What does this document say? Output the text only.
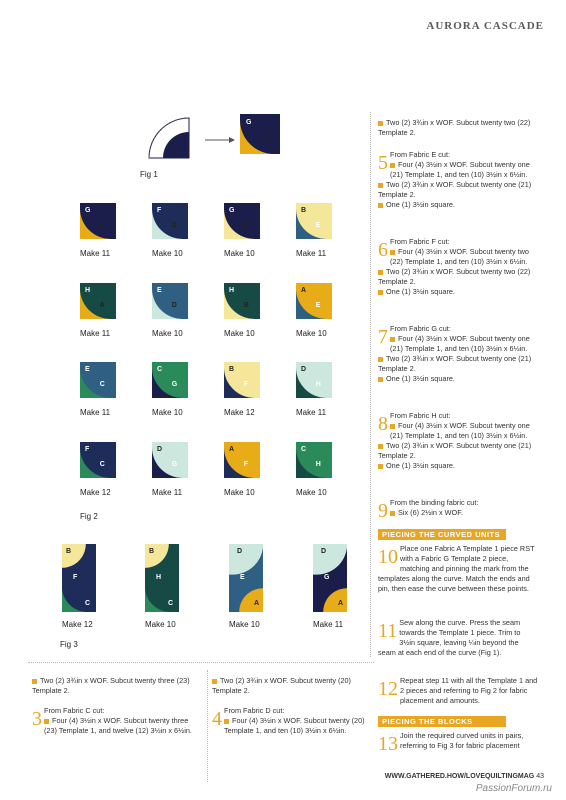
AURORA CASCADE
G
A
Fig 1
G
A
Make 11
F
D
Make 10
G
B
Make 10
B
E
Make 11
H
A
Make 11
E
D
Make 10
H
B
Make 10
A
E
Make 10
E
C
Make 11
C
G
Make 10
B
F
Make 12
D
H
Make 11
F
C
Make 12
D
G
Make 11
A
F
Make 10
C
H
Make 10
Fig 2
B
F
C
Make 12
B
H
C
Make 10
D
E
A
Make 10
D
G
A
Make 11
Fig 3
Two (2) 3¾in x WOF. Subcut twenty two (22) Template 2.
5 From Fabric E cut:
Four (4) 3½in x WOF. Subcut twenty one (21) Template 1, and ten (10) 3½in x 6½in.
Two (2) 3¾in x WOF. Subcut twenty one (21) Template 2.
One (1) 3½in square.
6 From Fabric F cut:
Four (4) 3½in x WOF. Subcut twenty two (22) Template 1, and ten (10) 3½in x 6½in.
Two (2) 3¾in x WOF. Subcut twenty two (22) Template 2.
One (1) 3½in square.
7 From Fabric G cut:
Four (4) 3½in x WOF. Subcut twenty one (21) Template 1, and ten (10) 3½in x 6½in.
Two (2) 3¾in x WOF. Subcut twenty one (21) Template 2.
One (1) 3½in square.
8 From Fabric H cut:
Four (4) 3½in x WOF. Subcut twenty one (21) Template 1, and ten (10) 3½in x 6½in.
Two (2) 3¾in x WOF. Subcut twenty one (21) Template 2.
One (1) 3½in square.
9 From the binding fabric cut:
Six (6) 2½in x WOF.
PIECING THE CURVED UNITS
10 Place one Fabric A Template 1 piece RST with a Fabric G Template 2 piece, matching and pinning the mark from the templates along the curve. Match the ends and pin, then ease the curve between these points.
11 Sew along the curve. Press the seam towards the Template 1 piece. Trim to 3½in square, leaving ¼in beyond the seam at each end of the curve (Fig 1).
12 Repeat step 11 with all the Template 1 and 2 pieces and referring to Fig 2 for fabric placement and amounts.
PIECING THE BLOCKS
13 Join the required curved units in pairs, referring to Fig 3 for fabric placement
Two (2) 3¾in x WOF. Subcut twenty three (23) Template 2.
3 From Fabric C cut:
Four (4) 3½in x WOF. Subcut twenty three (23) Template 1, and twelve (12) 3½in x 6½in.
Two (2) 3¾in x WOF. Subcut twenty (20) Template 2.
4 From Fabric D cut:
Four (4) 3½in x WOF. Subcut twenty (20) Template 1, and ten (10) 3½in x 6½in.
WWW.GATHERED.HOW/LOVEQUILTINGMAG 43
PassionForum.ru
